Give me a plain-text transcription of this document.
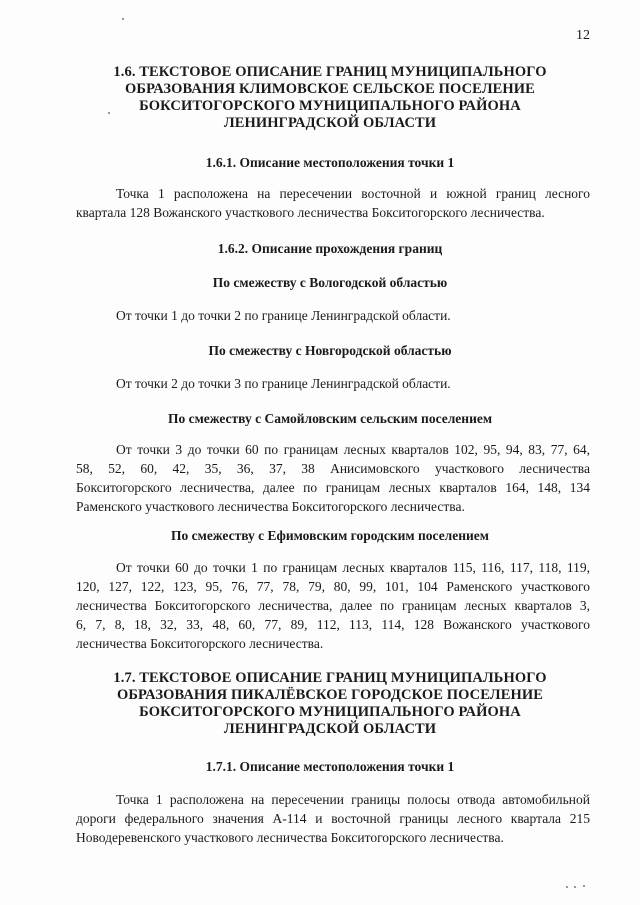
12
1.6. ТЕКСТОВОЕ ОПИСАНИЕ ГРАНИЦ МУНИЦИПАЛЬНОГО
ОБРАЗОВАНИЯ КЛИМОВСКОЕ СЕЛЬСКОЕ ПОСЕЛЕНИЕ
БОКСИТОГОРСКОГО МУНИЦИПАЛЬНОГО РАЙОНА
ЛЕНИНГРАДСКОЙ ОБЛАСТИ
1.6.1. Описание местоположения точки 1
Точка 1 расположена на пересечении восточной и южной границ лесного
квартала 128 Вожанского участкового лесничества Бокситогорского лесничества.
1.6.2. Описание прохождения границ
По смежеству с Вологодской областью
От точки 1 до точки 2 по границе Ленинградской области.
По смежеству с Новгородской областью
От точки 2 до точки 3 по границе Ленинградской области.
По смежеству с Самойловским сельским поселением
От точки 3 до точки 60 по границам лесных кварталов 102, 95, 94, 83, 77, 64,
58, 52, 60, 42, 35, 36, 37, 38 Анисимовского участкового лесничества
Бокситогорского лесничества, далее по границам лесных кварталов 164, 148, 134
Раменского участкового лесничества Бокситогорского лесничества.
По смежеству с Ефимовским городским поселением
От точки 60 до точки 1 по границам лесных кварталов 115, 116, 117, 118, 119,
120, 127, 122, 123, 95, 76, 77, 78, 79, 80, 99, 101, 104 Раменского участкового
лесничества Бокситогорского лесничества, далее по границам лесных кварталов 3,
6, 7, 8, 18, 32, 33, 48, 60, 77, 89, 112, 113, 114, 128 Вожанского участкового
лесничества Бокситогорского лесничества.
1.7. ТЕКСТОВОЕ ОПИСАНИЕ ГРАНИЦ МУНИЦИПАЛЬНОГО
ОБРАЗОВАНИЯ ПИКАЛЁВСКОЕ ГОРОДСКОЕ ПОСЕЛЕНИЕ
БОКСИТОГОРСКОГО МУНИЦИПАЛЬНОГО РАЙОНА
ЛЕНИНГРАДСКОЙ ОБЛАСТИ
1.7.1. Описание местоположения точки 1
Точка 1 расположена на пересечении границы полосы отвода автомобильной
дороги федерального значения А-114 и восточной границы лесного квартала 215
Новодеревенского участкового лесничества Бокситогорского лесничества.
